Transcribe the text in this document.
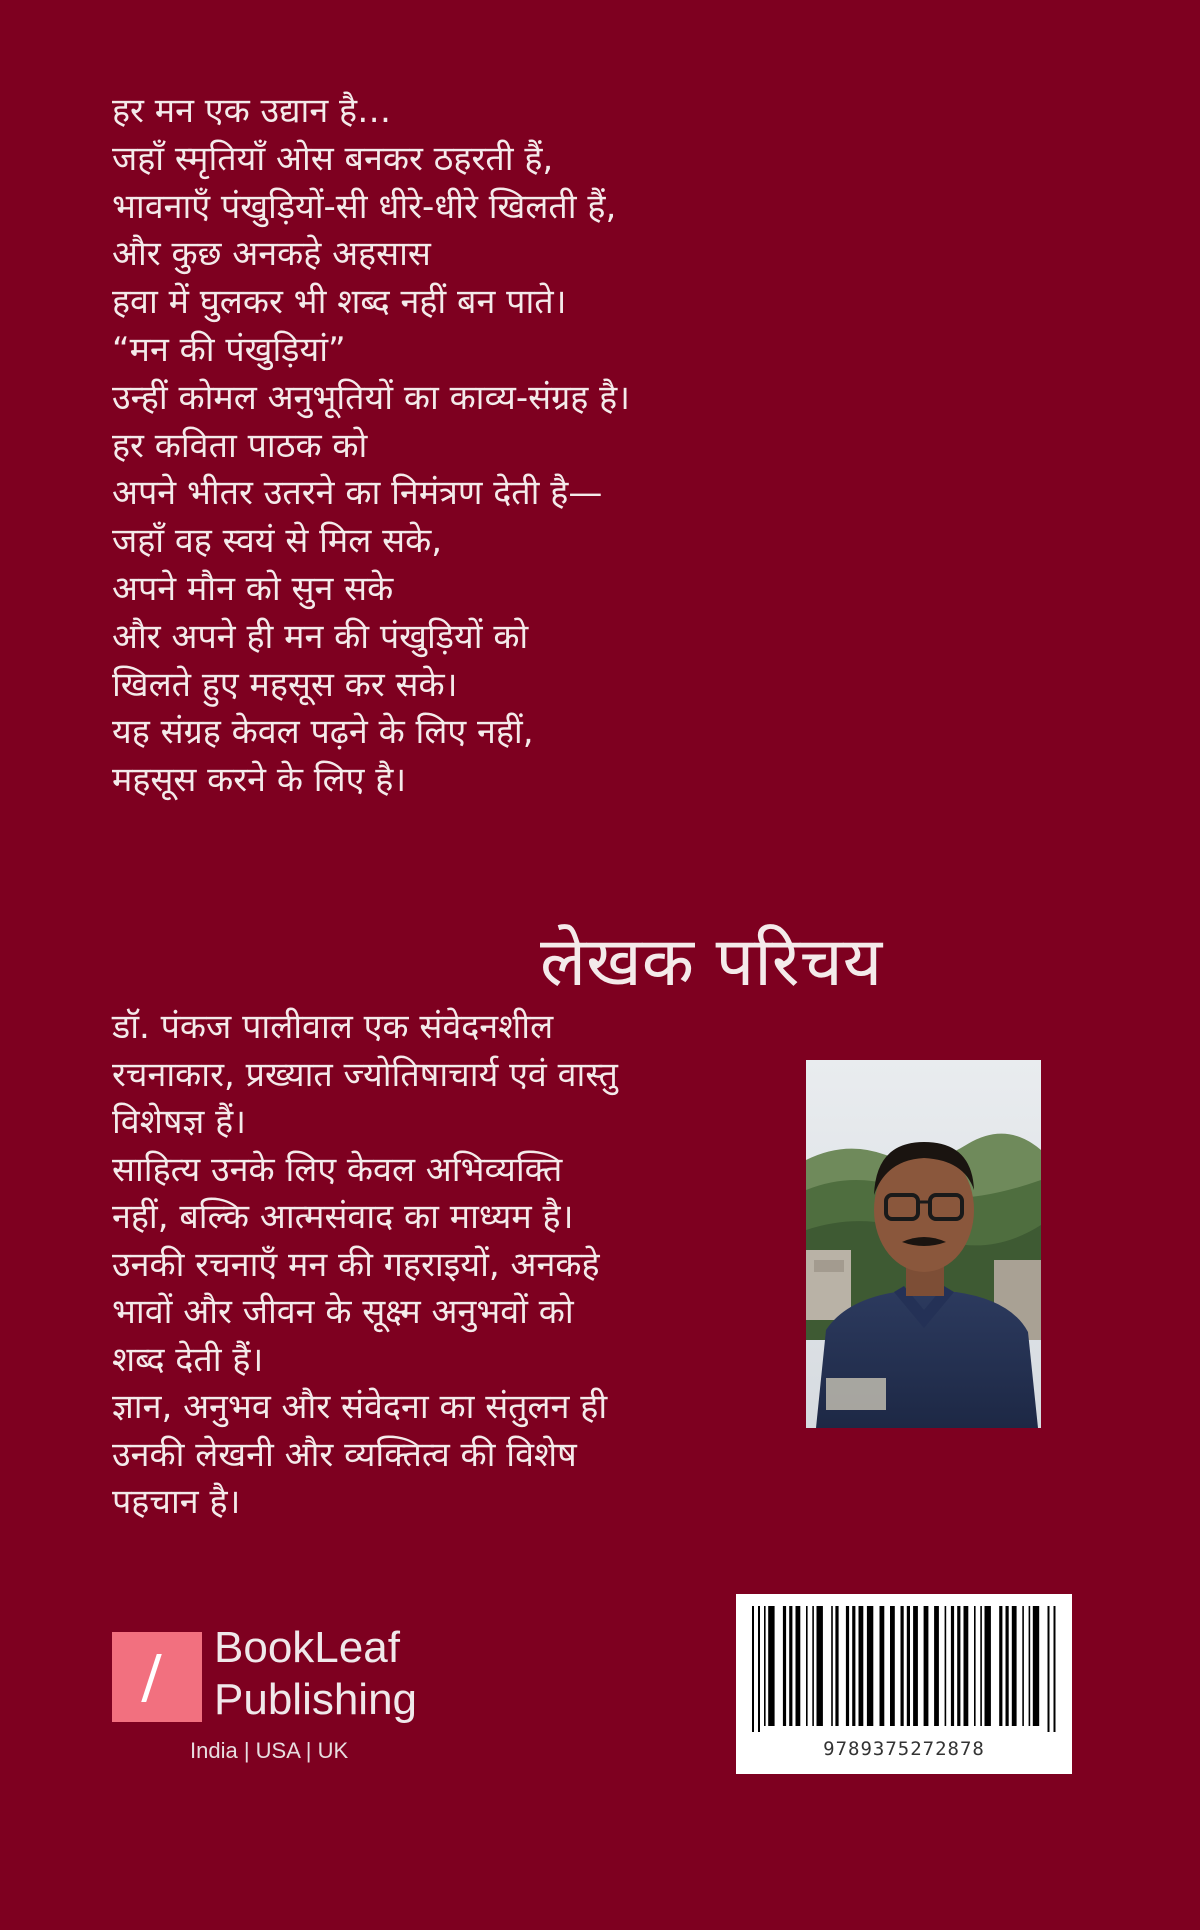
हर मन एक उद्यान है…
जहाँ स्मृतियाँ ओस बनकर ठहरती हैं,
भावनाएँ पंखुड़ियों-सी धीरे-धीरे खिलती हैं,
और कुछ अनकहे अहसास
हवा में घुलकर भी शब्द नहीं बन पाते।
“मन की पंखुड़ियां”
उन्हीं कोमल अनुभूतियों का काव्य-संग्रह है।
हर कविता पाठक को
अपने भीतर उतरने का निमंत्रण देती है—
जहाँ वह स्वयं से मिल सके,
अपने मौन को सुन सके
और अपने ही मन की पंखुड़ियों को
खिलते हुए महसूस कर सके।
यह संग्रह केवल पढ़ने के लिए नहीं,
महसूस करने के लिए है।
लेखक परिचय
डॉ. पंकज पालीवाल एक संवेदनशील
रचनाकार, प्रख्यात ज्योतिषाचार्य एवं वास्तु
विशेषज्ञ हैं।
साहित्य उनके लिए केवल अभिव्यक्ति
नहीं, बल्कि आत्मसंवाद का माध्यम है।
उनकी रचनाएँ मन की गहराइयों, अनकहे
भावों और जीवन के सूक्ष्म अनुभवों को
शब्द देती हैं।
ज्ञान, अनुभव और संवेदना का संतुलन ही
उनकी लेखनी और व्यक्तित्व की विशेष
पहचान है।
BookLeaf
Publishing
India | USA | UK	9789375272878
